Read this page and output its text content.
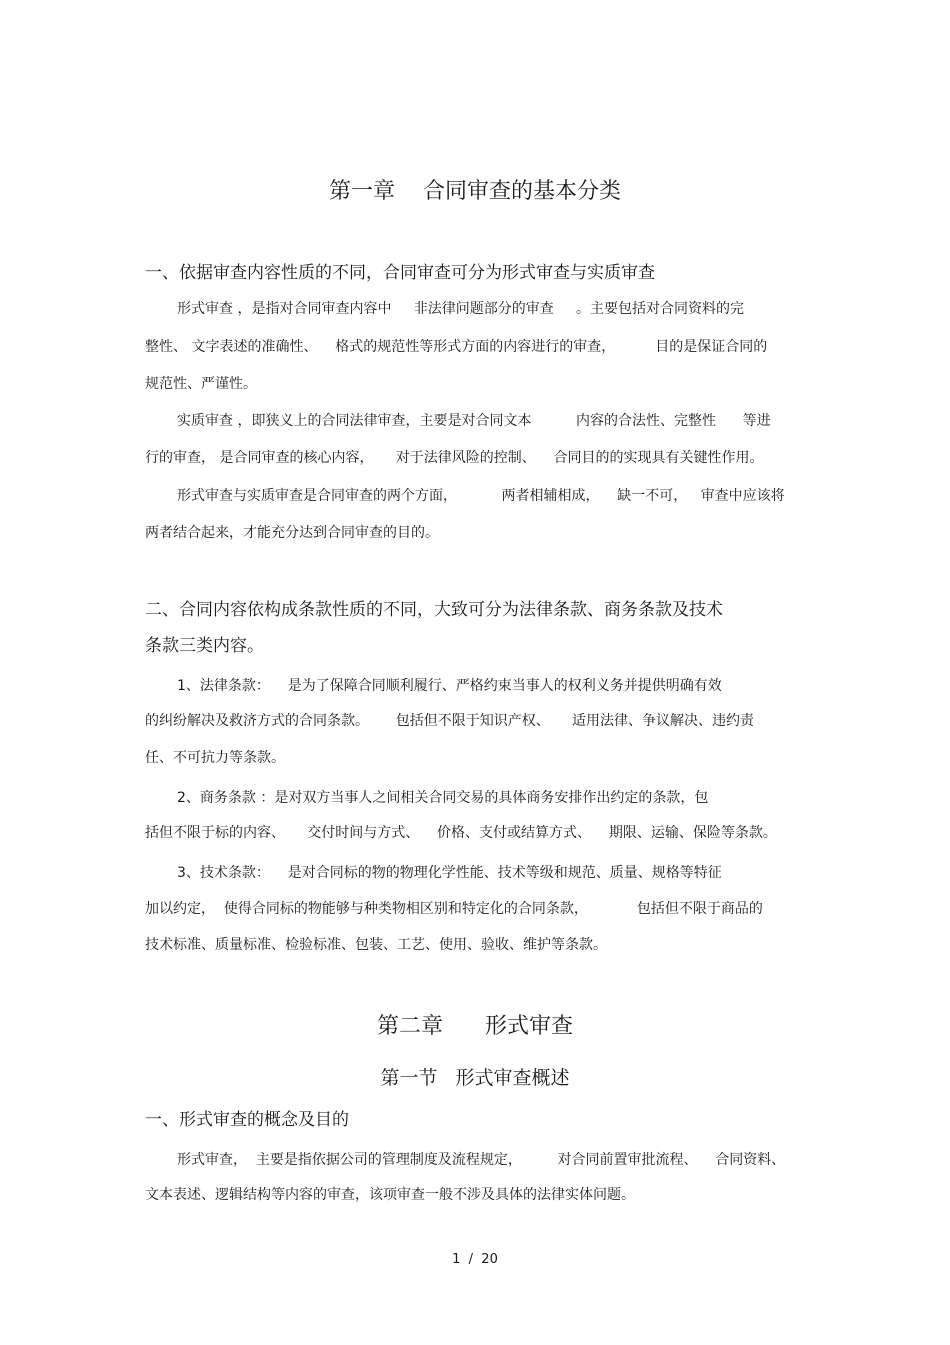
第一章    合同审查的基本分类
一、依据审查内容性质的不同，合同审查可分为形式审查与实质审查
形式审查 ，是指对合同审查内容中     非法律问题部分的审查     。主要包括对合同资料的完
整性、 文字表述的准确性、    格式的规范性等形式方面的内容进行的审查，         目的是保证合同的
规范性、严谨性。
实质审查 ，即狭义上的合同法律审查，主要是对合同文本          内容的合法性、完整性      等进
行的审查， 是合同审查的核心内容，     对于法律风险的控制、    合同目的的实现具有关键性作用。
形式审查与实质审查是合同审查的两个方面，          两者相辅相成，    缺一不可，   审查中应该将
两者结合起来，才能充分达到合同审查的目的。
二、合同内容依构成条款性质的不同，大致可分为法律条款、商务条款及技术
条款三类内容。
1、法律条款：    是为了保障合同顺利履行、严格约束当事人的权利义务并提供明确有效
的纠纷解决及救济方式的合同条款。      包括但不限于知识产权、     适用法律、争议解决、违约责
任、不可抗力等条款。
2、商务条款 ：是对双方当事人之间相关合同交易的具体商务安排作出约定的条款，包
括但不限于标的内容、     交付时间与方式、    价格、支付或结算方式、    期限、运输、保险等条款。
3、技术条款：    是对合同标的物的物理化学性能、技术等级和规范、质量、规格等特征
加以约定，  使得合同标的物能够与种类物相区别和特定化的合同条款，           包括但不限于商品的
技术标准、质量标准、检验标准、包装、工艺、使用、验收、维护等条款。
第二章      形式审查
第一节   形式审查概述
一、形式审查的概念及目的
形式审查，  主要是指依据公司的管理制度及流程规定，        对合同前置审批流程、    合同资料、
文本表述、逻辑结构等内容的审查，该项审查一般不涉及具体的法律实体问题。
1  /  20
